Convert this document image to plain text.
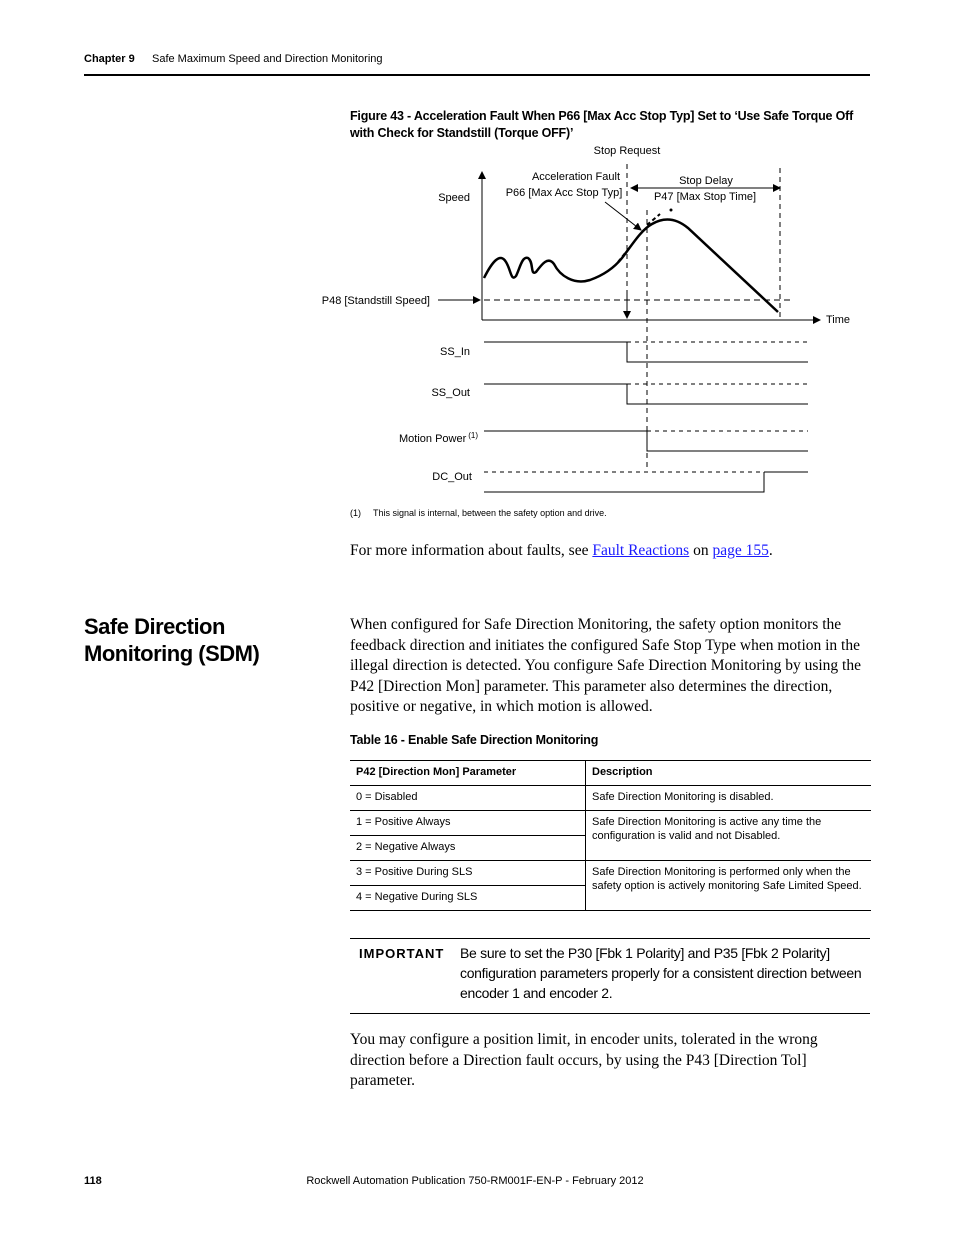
Chapter 9 Safe Maximum Speed and Direction Monitoring
Figure 43 - Acceleration Fault When P66 [Max Acc Stop Typ] Set to ‘Use Safe Torque Off with Check for Standstill (Torque OFF)’
Stop Request
Acceleration Fault
P66 [Max Acc Stop Typ]
Stop Delay
P47 [Max Stop Time]
Speed
P48 [Standstill Speed]
Time
SS_In
SS_Out
Motion Power $^{(1)}$
DC_Out
(1) This signal is internal, between the safety option and drive.
For more information about faults, see Fault Reactions on page 155.
Safe Direction Monitoring (SDM)
When configured for Safe Direction Monitoring, the safety option monitors the feedback direction and initiates the configured Safe Stop Type when motion in the illegal direction is detected. You configure Safe Direction Monitoring by using the P42 [Direction Mon] parameter. This parameter also determines the direction, positive or negative, in which motion is allowed.
Table 16 - Enable Safe Direction Monitoring
P42 [Direction Mon] Parameter	Description
0 = Disabled	Safe Direction Monitoring is disabled.
1 = Positive Always	Safe Direction Monitoring is active any time the configuration is valid and not Disabled.
2 = Negative Always	
3 = Positive During SLS	Safe Direction Monitoring is performed only when the safety option is actively monitoring Safe Limited Speed.
4 = Negative During SLS	
IMPORTANT Be sure to set the P30 [Fbk 1 Polarity] and P35 [Fbk 2 Polarity] configuration parameters properly for a consistent direction between encoder 1 and encoder 2.
You may configure a position limit, in encoder units, tolerated in the wrong direction before a Direction fault occurs, by using the P43 [Direction Tol] parameter.
118	Rockwell Automation Publication 750-RM001F-EN-P - February 2012
